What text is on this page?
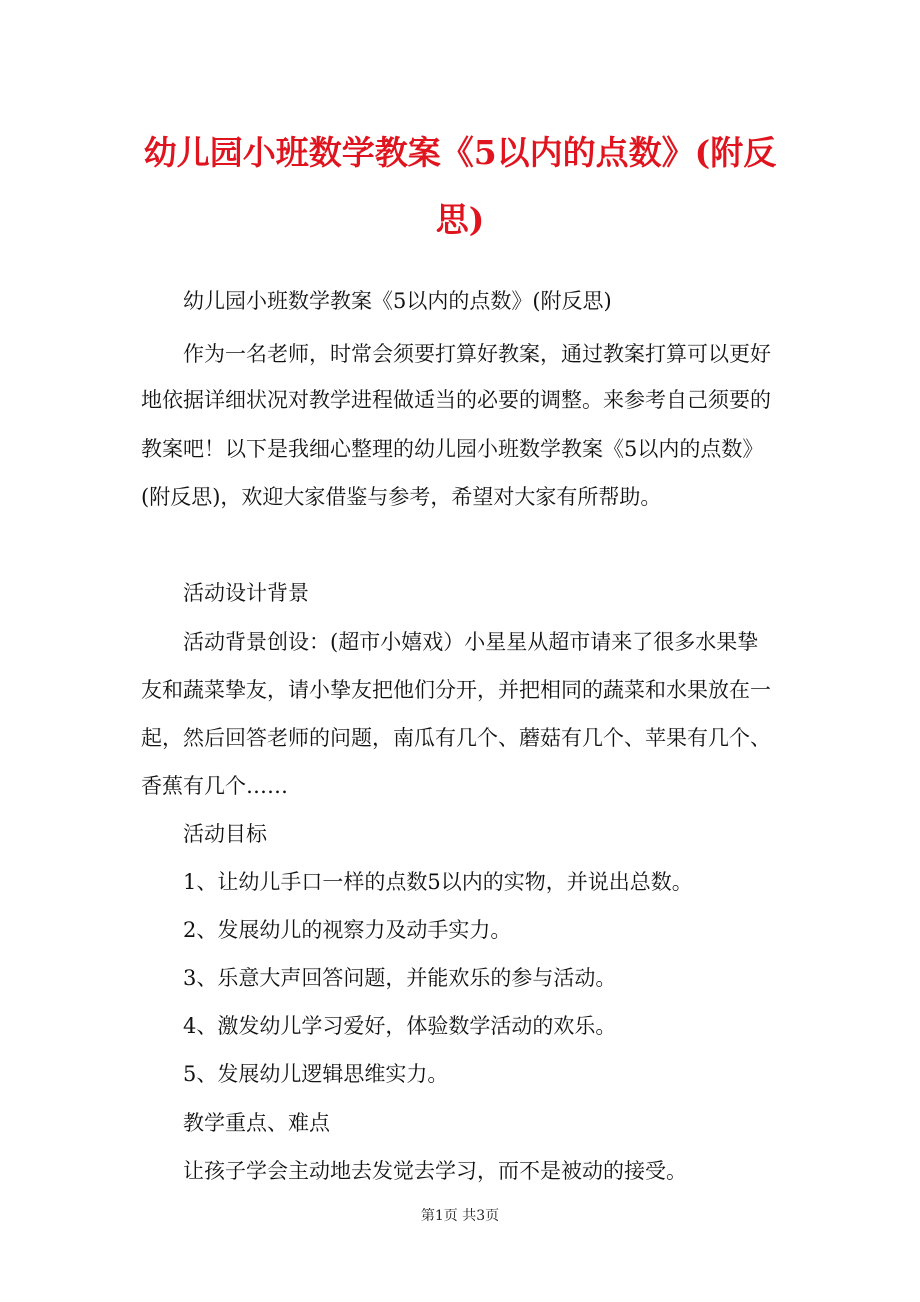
幼儿园小班数学教案《5以内的点数》(附反
思)

幼儿园小班数学教案《5以内的点数》(附反思)

作为一名老师，时常会须要打算好教案，通过教案打算可以更好

地依据详细状况对教学进程做适当的必要的调整。来参考自己须要的

教案吧！以下是我细心整理的幼儿园小班数学教案《5以内的点数》

(附反思)，欢迎大家借鉴与参考，希望对大家有所帮助。

活动设计背景

活动背景创设：(超市小嬉戏）小星星从超市请来了很多水果挚

友和蔬菜挚友，请小挚友把他们分开，并把相同的蔬菜和水果放在一

起，然后回答老师的问题，南瓜有几个、蘑菇有几个、苹果有几个、

香蕉有几个……

活动目标

1、让幼儿手口一样的点数5以内的实物，并说出总数。

2、发展幼儿的视察力及动手实力。

3、乐意大声回答问题，并能欢乐的参与活动。

4、激发幼儿学习爱好，体验数学活动的欢乐。

5、发展幼儿逻辑思维实力。

教学重点、难点

让孩子学会主动地去发觉去学习，而不是被动的接受。

第1页 共3页
